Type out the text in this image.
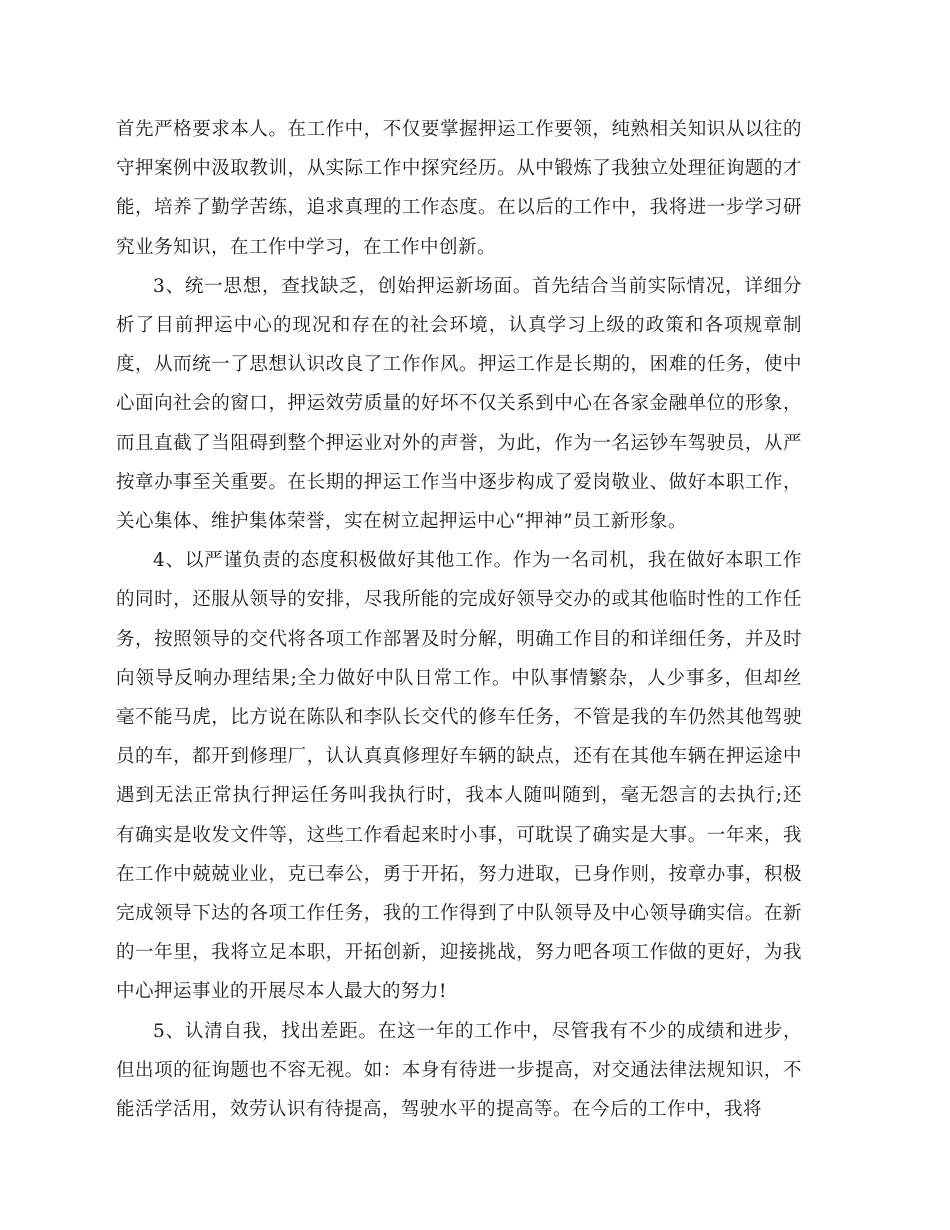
首先严格要求本人。在工作中，不仅要掌握押运工作要领，纯熟相关知识从以往的守押案例中汲取教训，从实际工作中探究经历。从中锻炼了我独立处理征询题的才能，培养了勤学苦练，追求真理的工作态度。在以后的工作中，我将进一步学习研究业务知识，在工作中学习，在工作中创新。

3、统一思想，查找缺乏，创始押运新场面。首先结合当前实际情况，详细分析了目前押运中心的现况和存在的社会环境，认真学习上级的政策和各项规章制度，从而统一了思想认识改良了工作作风。押运工作是长期的，困难的任务，使中心面向社会的窗口，押运效劳质量的好坏不仅关系到中心在各家金融单位的形象，而且直截了当阻碍到整个押运业对外的声誉，为此，作为一名运钞车驾驶员，从严按章办事至关重要。在长期的押运工作当中逐步构成了爱岗敬业、做好本职工作，关心集体、维护集体荣誉，实在树立起押运中心“押神”员工新形象。

4、以严谨负责的态度积极做好其他工作。作为一名司机，我在做好本职工作的同时，还服从领导的安排，尽我所能的完成好领导交办的或其他临时性的工作任务，按照领导的交代将各项工作部署及时分解，明确工作目的和详细任务，并及时向领导反响办理结果;全力做好中队日常工作。中队事情繁杂，人少事多，但却丝毫不能马虎，比方说在陈队和李队长交代的修车任务，不管是我的车仍然其他驾驶员的车，都开到修理厂，认认真真修理好车辆的缺点，还有在其他车辆在押运途中遇到无法正常执行押运任务叫我执行时，我本人随叫随到，毫无怨言的去执行;还有确实是收发文件等，这些工作看起来时小事，可耽误了确实是大事。一年来，我在工作中兢兢业业，克已奉公，勇于开拓，努力进取，已身作则，按章办事，积极完成领导下达的各项工作任务，我的工作得到了中队领导及中心领导确实信。在新的一年里，我将立足本职，开拓创新，迎接挑战，努力吧各项工作做的更好，为我中心押运事业的开展尽本人最大的努力!

5、认清自我，找出差距。在这一年的工作中，尽管我有不少的成绩和进步，但出项的征询题也不容无视。如：本身有待进一步提高，对交通法律法规知识，不能活学活用，效劳认识有待提高，驾驶水平的提高等。在今后的工作中，我将
